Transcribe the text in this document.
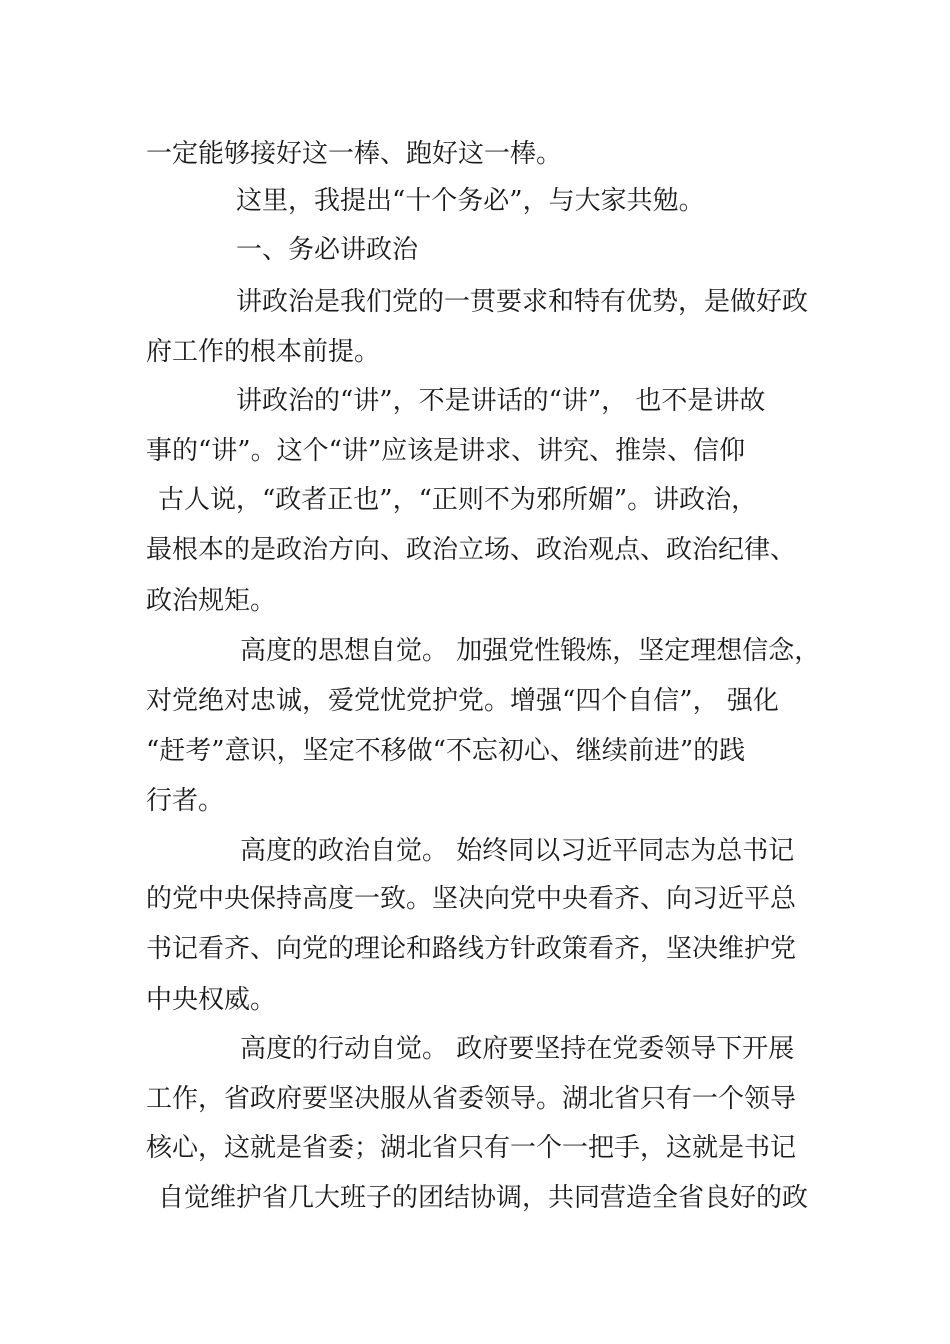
一定能够接好这一棒、跑好这一棒。
这里，我提出“十个务必”，与大家共勉。
一、务必讲政治
讲政治是我们党的一贯要求和特有优势，是做好政
府工作的根本前提。
讲政治的“讲”，不是讲话的“讲”， 也不是讲故
事的“讲”。这个“讲”应该是讲求、讲究、推崇、信仰
古人说，“政者正也”，“正则不为邪所媚”。讲政治，
最根本的是政治方向、政治立场、政治观点、政治纪律、
政治规矩。
高度的思想自觉。 加强党性锻炼，坚定理想信念，
对党绝对忠诚，爱党忧党护党。增强“四个自信”， 强化
“赶考”意识，坚定不移做“不忘初心、继续前进”的践
行者。
高度的政治自觉。 始终同以习近平同志为总书记
的党中央保持高度一致。坚决向党中央看齐、向习近平总
书记看齐、向党的理论和路线方针政策看齐，坚决维护党
中央权威。
高度的行动自觉。 政府要坚持在党委领导下开展
工作，省政府要坚决服从省委领导。湖北省只有一个领导
核心，这就是省委；湖北省只有一个一把手，这就是书记
自觉维护省几大班子的团结协调，共同营造全省良好的政
